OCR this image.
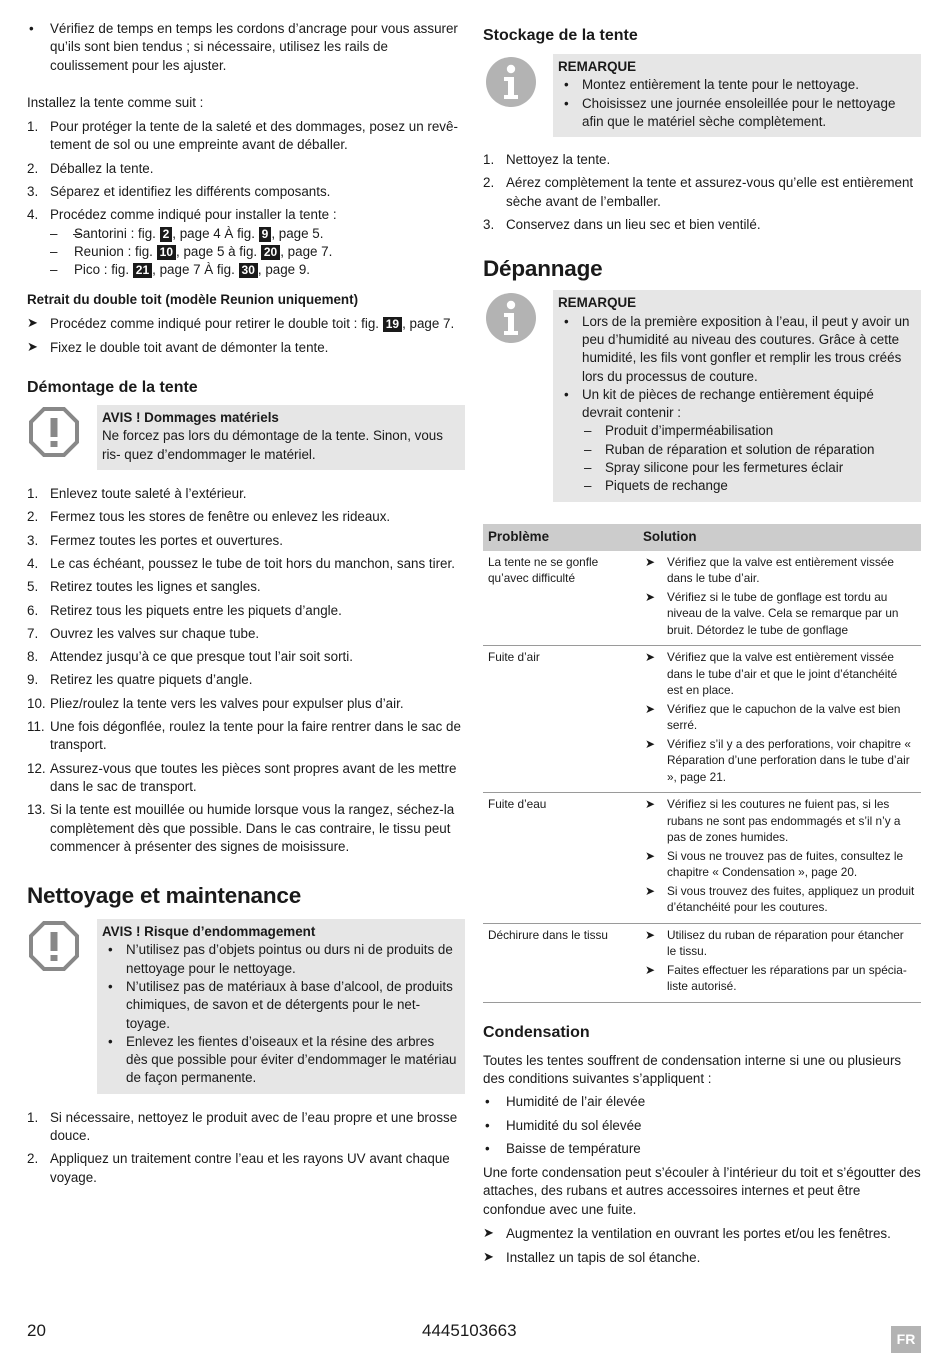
• Vérifiez de temps en temps les cordons d’ancrage pour vous assurer qu’ils sont bien tendus ; si nécessaire, utilisez les rails de coulissement pour les ajuster.

Installez la tente comme suit :

1. Pour protéger la tente de la saleté et des dommages, posez un revê- tement de sol ou une empreinte avant de déballer.
2. Déballez la tente.
3. Séparez et identifiez les différents composants.
4. Procédez comme indiqué pour installer la tente :
– – Santorini : fig. 2 , page 4 À fig. 9 , page 5.
– Reunion : fig. 10 , page 5 à fig. 20 , page 7.
– Pico : fig. 21 , page 7 À fig. 30 , page 9.
Retrait du double toit (modèle Reunion uniquement)
➤ Procédez comme indiqué pour retirer le double toit : fig. 19 , page 7.
➤ Fixez le double toit avant de démonter la tente.
Démontage de la tente
AVIS ! Dommages matériels
Ne forcez pas lors du démontage de la tente. Sinon, vous ris- quez d’endommager le matériel.
1. Enlevez toute saleté à l’extérieur.
2. Fermez tous les stores de fenêtre ou enlevez les rideaux.
3. Fermez toutes les portes et ouvertures.
4. Le cas échéant, poussez le tube de toit hors du manchon, sans tirer.
5. Retirez toutes les lignes et sangles.
6. Retirez tous les piquets entre les piquets d’angle.
7. Ouvrez les valves sur chaque tube.
8. Attendez jusqu’à ce que presque tout l’air soit sorti.
9. Retirez les quatre piquets d’angle.
10. Pliez/roulez la tente vers les valves pour expulser plus d’air.
11. Une fois dégonflée, roulez la tente pour la faire rentrer dans le sac de transport.
12. Assurez-vous que toutes les pièces sont propres avant de les mettre dans le sac de transport.
13. Si la tente est mouillée ou humide lorsque vous la rangez, séchez-la complètement dès que possible. Dans le cas contraire, le tissu peut commencer à présenter des signes de moisissure.
Nettoyage et maintenance
AVIS ! Risque d’endommagement
• N’utilisez pas d’objets pointus ou durs ni de produits de nettoyage pour le nettoyage.
• N’utilisez pas de matériaux à base d’alcool, de produits chimiques, de savon et de détergents pour le net- toyage.
• Enlevez les fientes d’oiseaux et la résine des arbres dès que possible pour éviter d’endommager le matériau de façon permanente.
1. Si nécessaire, nettoyez le produit avec de l’eau propre et une brosse douce.
2. Appliquez un traitement contre l’eau et les rayons UV avant chaque voyage.
Stockage de la tente
REMARQUE
• Montez entièrement la tente pour le nettoyage.
• Choisissez une journée ensoleillée pour le nettoyage afin que le matériel sèche complètement.
1. Nettoyez la tente.
2. Aérez complètement la tente et assurez-vous qu’elle est entièrement sèche avant de l’emballer.
3. Conservez dans un lieu sec et bien ventilé.
Dépannage
REMARQUE
• Lors de la première exposition à l’eau, il peut y avoir un peu d’humidité au niveau des coutures. Grâce à cette humidité, les fils vont gonfler et remplir les trous créés lors du processus de couture.
• Un kit de pièces de rechange entièrement équipé devrait contenir :
– Produit d’imperméabilisation
– Ruban de réparation et solution de réparation
– Spray silicone pour les fermetures éclair
– Piquets de rechange
Problème	Solution
La tente ne se gonfle qu’avec difficulté	➤ Vérifiez que la valve est entièrement vissée dans le tube d’air.
➤ Vérifiez si le tube de gonflage est tordu au niveau de la valve. Cela se remarque par un bruit. Détordez le tube de gonflage

Fuite d’air	➤ Vérifiez que la valve est entièrement vissée dans le tube d’air et que le joint d’étanchéité est en place.
➤ Vérifiez que le capuchon de la valve est bien serré.
➤ Vérifiez s’il y a des perforations, voir chapitre « Réparation d’une perforation dans le tube d’air », page 21.

Fuite d’eau	➤ Vérifiez si les coutures ne fuient pas, si les rubans ne sont pas endommagés et s’il n’y a pas de zones humides.
➤ Si vous ne trouvez pas de fuites, consultez le chapitre « Condensation », page 20.
➤ Si vous trouvez des fuites, appliquez un produit d’étanchéité pour les coutures.

Déchirure dans le tissu	➤ Utilisez du ruban de réparation pour étancher le tissu.
➤ Faites effectuer les réparations par un spécia- liste autorisé.
Condensation

Toutes les tentes souffrent de condensation interne si une ou plusieurs des conditions suivantes s’appliquent :

• Humidité de l’air élevée

• Humidité du sol élevée

• Baisse de température

Une forte condensation peut s’écouler à l’intérieur du toit et s’égoutter des attaches, des rubans et autres accessoires internes et peut être confondue avec une fuite.

➤ Augmentez la ventilation en ouvrant les portes et/ou les fenêtres.
➤ Installez un tapis de sol étanche.
20	4445103663	FR
